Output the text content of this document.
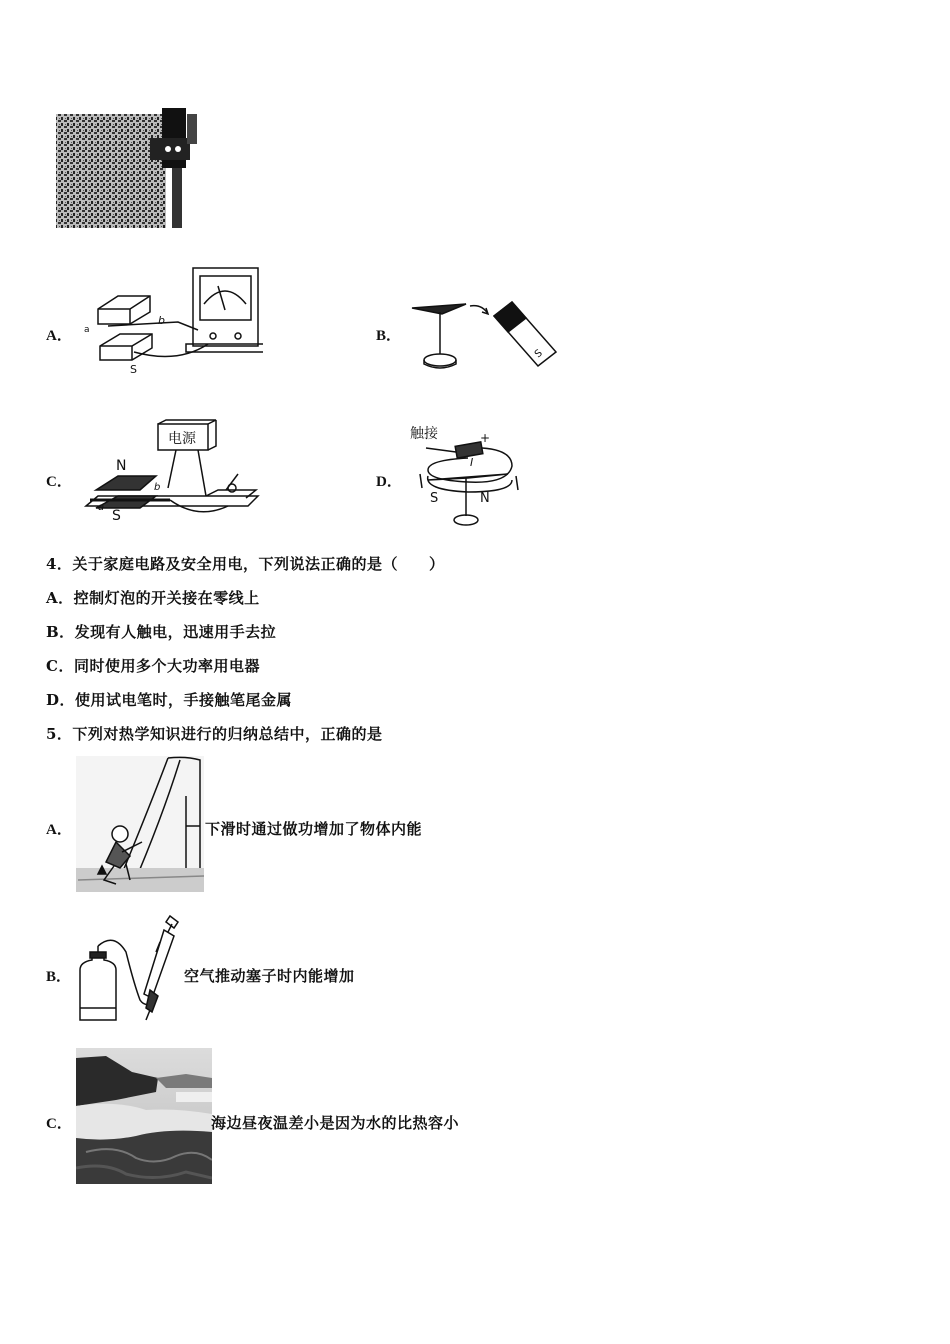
A． a
b
S
B．
S
C．
电源
N
S
a
b	D．
触接	+
I
S	N
4．关于家庭电路及安全用电，下列说法正确的是（　　）
A．控制灯泡的开关接在零线上
B．发现有人触电，迅速用手去拉
C．同时使用多个大功率用电器
D．使用试电笔时，手接触笔尾金属
5．下列对热学知识进行的归纳总结中，正确的是
A．	下滑时通过做功增加了物体内能
B．	空气推动塞子时内能增加
C．	海边昼夜温差小是因为水的比热容小
